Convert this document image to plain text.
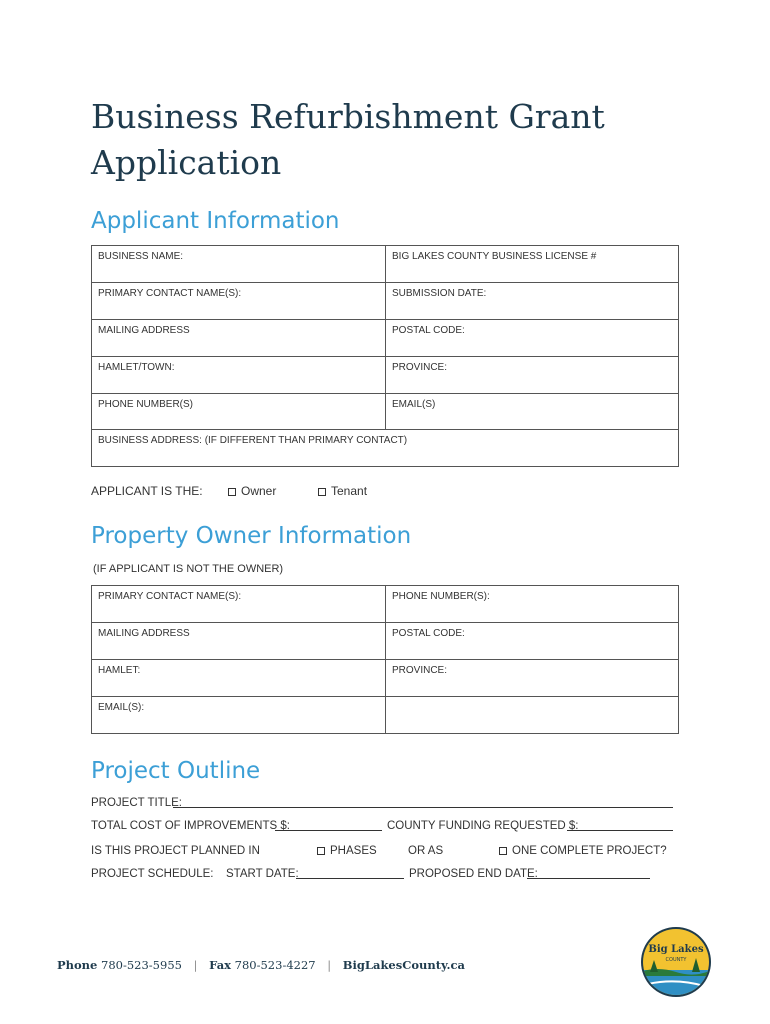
Business Refurbishment Grant Application
Applicant Information
BUSINESS NAME:	BIG LAKES COUNTY BUSINESS LICENSE #
PRIMARY CONTACT NAME(S):	SUBMISSION DATE:
MAILING ADDRESS	POSTAL CODE:
HAMLET/TOWN:	PROVINCE:
PHONE NUMBER(S)	EMAIL(S)
BUSINESS ADDRESS: (IF DIFFERENT THAN PRIMARY CONTACT)	
APPLICANT IS THE:	Owner	Tenant
Property Owner Information
(IF APPLICANT IS NOT THE OWNER)
PRIMARY CONTACT NAME(S):	PHONE NUMBER(S):
MAILING ADDRESS	POSTAL CODE:
HAMLET:	PROVINCE:
EMAIL(S):	
Project Outline
PROJECT TITLE:
TOTAL COST OF IMPROVEMENTS $:	COUNTY FUNDING REQUESTED $:
IS THIS PROJECT PLANNED IN	PHASES	OR AS	ONE COMPLETE PROJECT?
PROJECT SCHEDULE: START DATE:	PROPOSED END DATE:
Phone 780-523-5955 | Fax 780-523-4227 | BigLakesCounty.ca
Big Lakes
COUNTY
